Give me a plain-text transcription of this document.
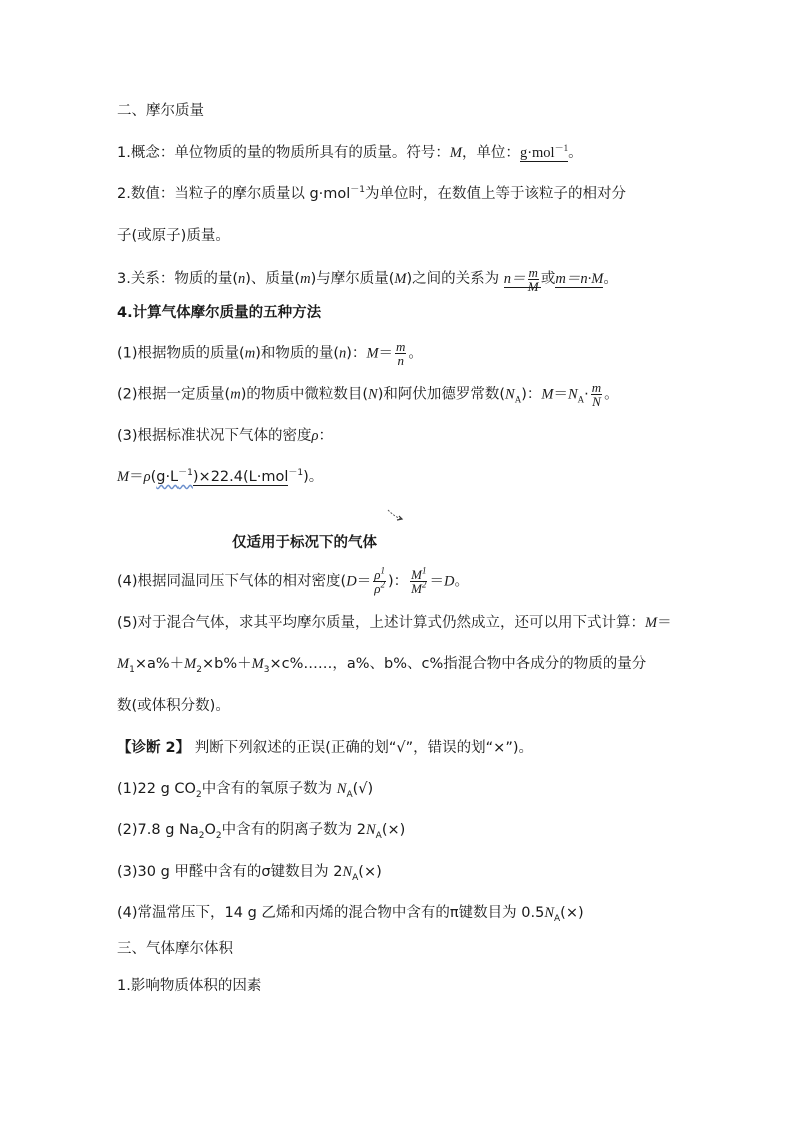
二、摩尔质量
1.概念：单位物质的量的物质所具有的质量。符号：M，单位：g·mol$^{-1}$。
2.数值：当粒子的摩尔质量以 g·mol$^{-1}$为单位时，在数值上等于该粒子的相对分
子(或原子)质量。
3.关系：物质的量(n)、质量(m)与摩尔质量(M)之间的关系为 $n= \frac{m}{M}$ 或m＝n·M。
4.计算气体摩尔质量的五种方法
(1)根据物质的质量(m)和物质的量(n)：$M= \frac{m}{n}$ 。
(2)根据一定质量(m)的物质中微粒数目(N)和阿伏加德罗常数$(N_A)$：$M=N_A\cdot \frac{m}{N}$ 。
(3)根据标准状况下气体的密度ρ：
$M=\rho(g\cdot L^{-1})\times 22.4(L\cdot mol^{-1})$。
仅适用于标况下的气体
(4)根据同温同压下气体的相对密度($D= \frac{\rho^1}{\rho^2}$ )： $\frac{M^1}{M^2} =D$。
(5)对于混合气体，求其平均摩尔质量，上述计算式仍然成立，还可以用下式计算：M＝
$M_1\times a\%+M_2\times b\%+M_3\times c\%\dots\dots$，a%、b%、c%指混合物中各成分的物质的量分
数(或体积分数)。
【诊断 2】 判断下列叙述的正误(正确的划“√”，错误的划“×”)。
(1)22 g $CO_2$中含有的氧原子数为 $N_A(√)$
(2)7.8 g $Na_2O_2$中含有的阴离子数为 $2N_A(\times)$
(3)30 g 甲醛中含有的σ键数目为 $2N_A(\times)$
(4)常温常压下，14 g 乙烯和丙烯的混合物中含有的π键数目为 $0.5N_A(\times)$
三、气体摩尔体积
1.影响物质体积的因素
